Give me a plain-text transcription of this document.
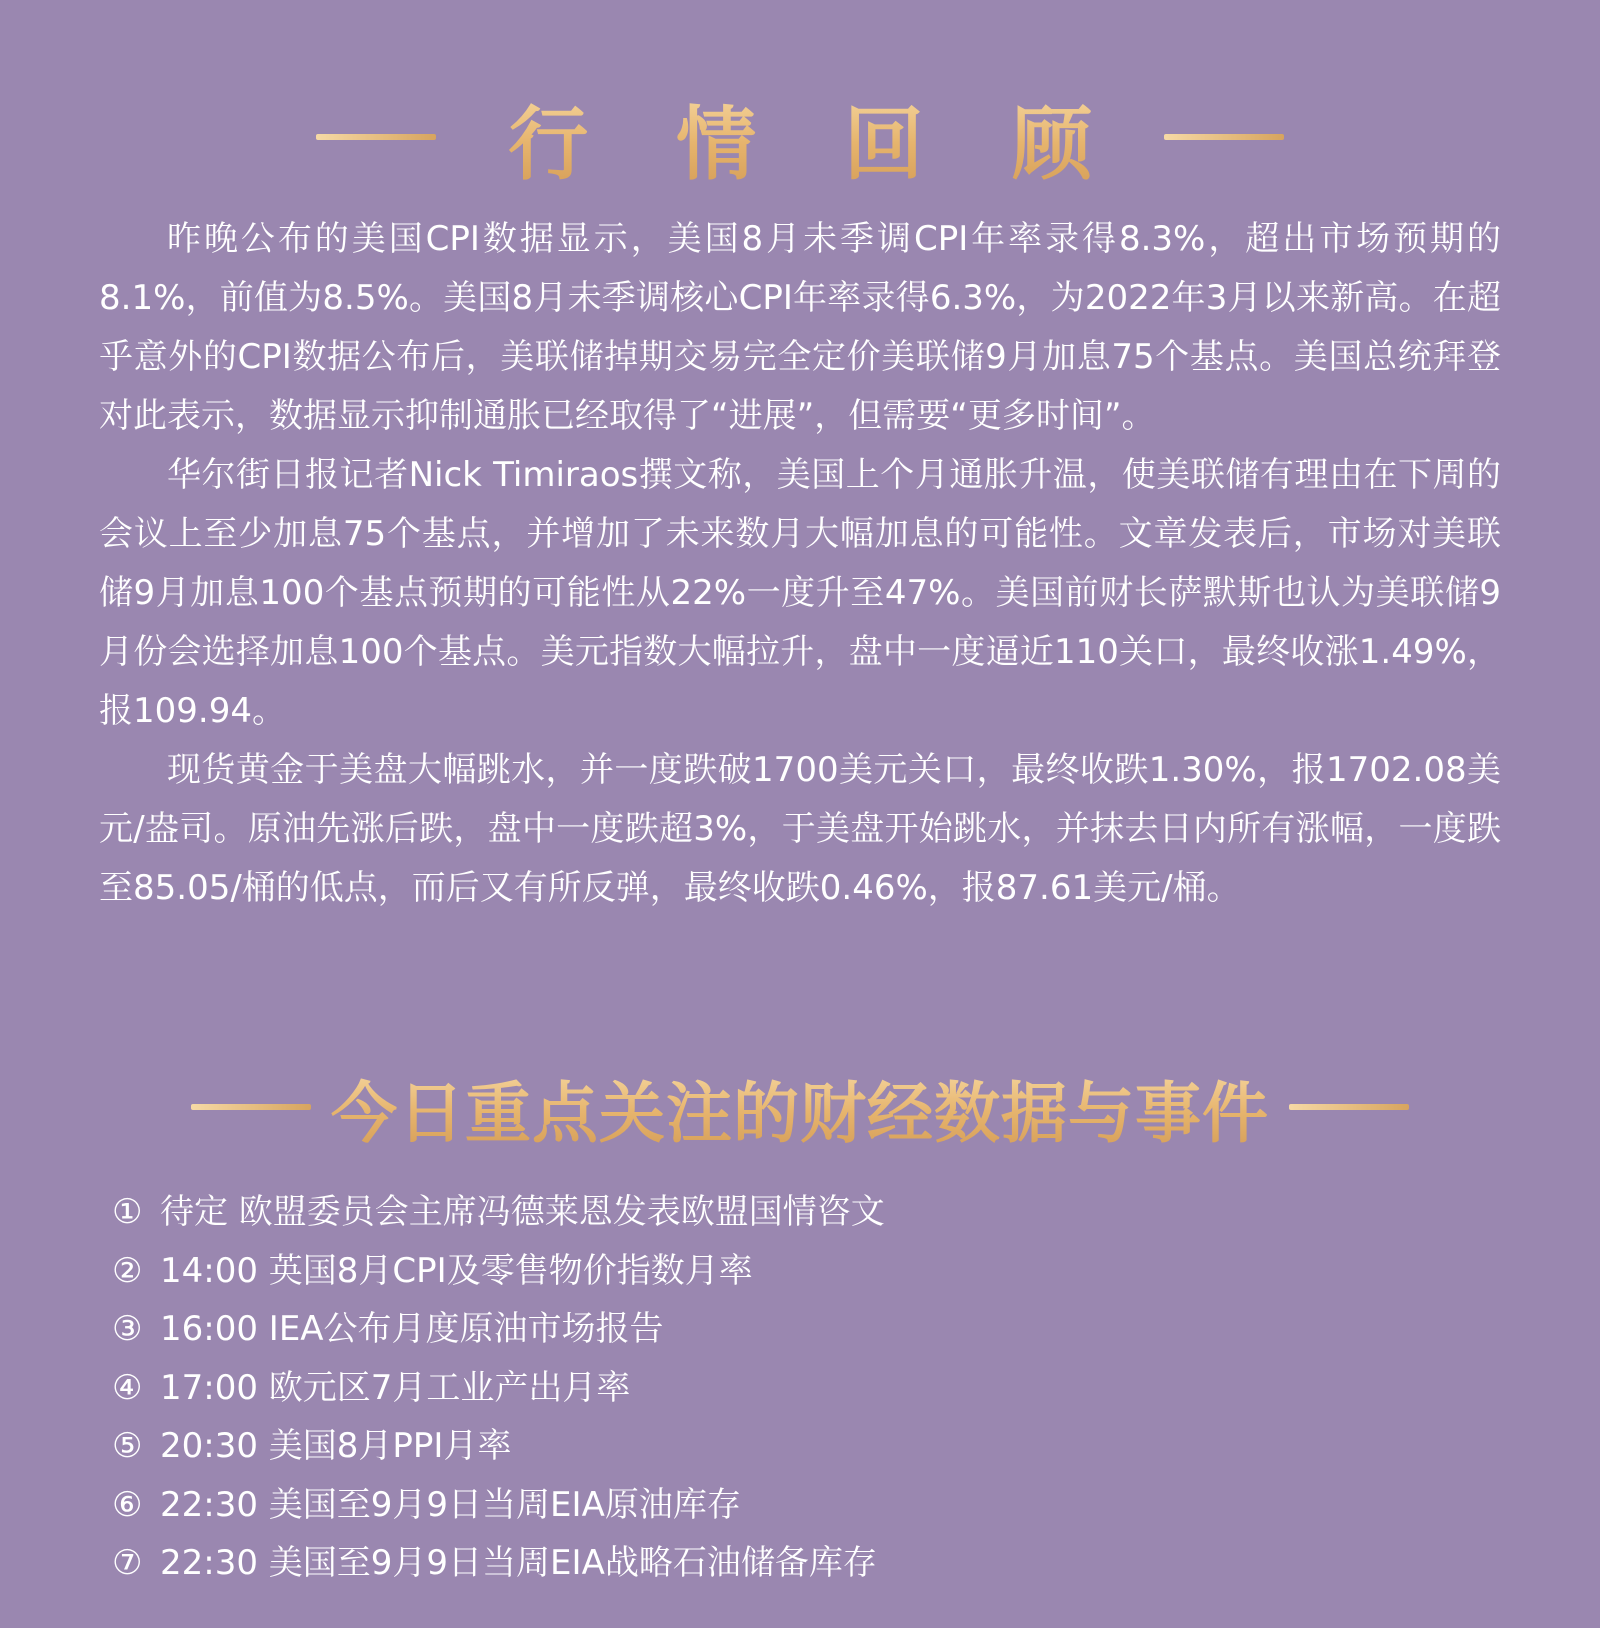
行 情 回 顾

昨晚公布的美国CPI数据显示，美国8月未季调CPI年率录得8.3%，超出市场预期的8.1%，前值为8.5%。美国8月未季调核心CPI年率录得6.3%，为2022年3月以来新高。在超乎意外的CPI数据公布后，美联储掉期交易完全定价美联储9月加息75个基点。美国总统拜登对此表示，数据显示抑制通胀已经取得了“进展”，但需要“更多时间”。

华尔街日报记者Nick Timiraos撰文称，美国上个月通胀升温，使美联储有理由在下周的会议上至少加息75个基点，并增加了未来数月大幅加息的可能性。文章发表后，市场对美联储9月加息100个基点预期的可能性从22%一度升至47%。美国前财长萨默斯也认为美联储9月份会选择加息100个基点。美元指数大幅拉升，盘中一度逼近110关口，最终收涨1.49%，报109.94。

现货黄金于美盘大幅跳水，并一度跌破1700美元关口，最终收跌1.30%，报1702.08美元/盎司。原油先涨后跌，盘中一度跌超3%，于美盘开始跳水，并抹去日内所有涨幅，一度跌至85.05/桶的低点，而后又有所反弹，最终收跌0.46%，报87.61美元/桶。

今日重点关注的财经数据与事件
① 待定 欧盟委员会主席冯德莱恩发表欧盟国情咨文
② 14:00 英国8月CPI及零售物价指数月率
③ 16:00 IEA公布月度原油市场报告
④ 17:00 欧元区7月工业产出月率
⑤ 20:30 美国8月PPI月率
⑥ 22:30 美国至9月9日当周EIA原油库存
⑦ 22:30 美国至9月9日当周EIA战略石油储备库存
